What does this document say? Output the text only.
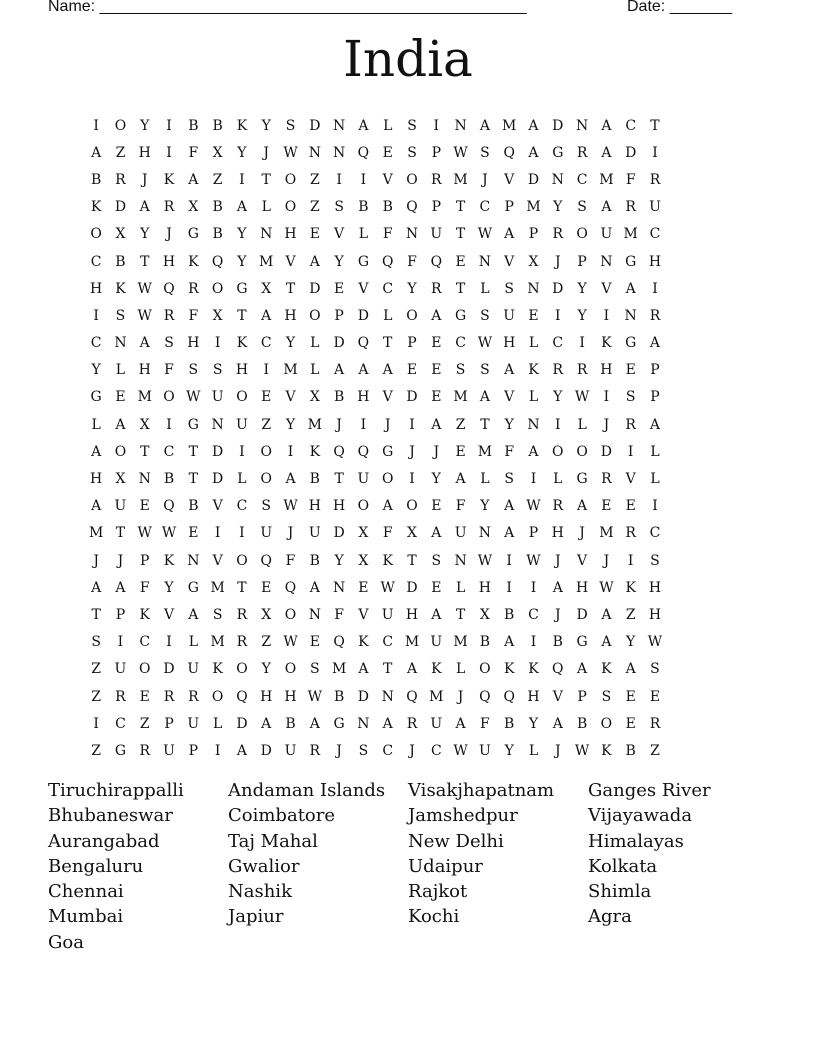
Name: ________________________________________________	Date: _______
India
I	O Y	I	B	B K	Y	S D N A	L	S	I	N A M A D N A C	T
A	Z H	I	F	X	Y	J	W N N Q E	S	P W S Q A G R A D	I
B R	J	K	A	Z	I	T O Z	I	I	V O R M	J	V D N C M F	R
K D A R	X	B	A	L O Z	S	B	B Q P	T	C	P M Y	S	A R U
O X	Y	J	G B	Y N H E	V	L	F N U T W A	P	R O U M C
C B	T H K Q Y M V	A	Y	G Q F Q E N V	X	J	P N G H
H K W Q R O G X	T	D E	V C	Y	R	T	L	S N D	Y	V	A	I
I	S W R	F	X	T	A H O P D	L O A G S U E	I	Y	I	N R
C N A	S H	I	K C	Y	L	D Q T	P	E C W H L	C	I	K G A
Y	L H F	S	S H	I	M L	A	A	A	E	E	S	S	A	K R R H E	P
G E M O W U O E	V	X	B H V D E M A	V	L	Y W	I	S	P
L	A	X	I	G N U Z	Y M	J	I	J	I	A	Z	T	Y N	I	L	J	R A
A O T	C	T	D	I	O	I	K Q Q G	J	J	E M F	A O O D	I	L
H X N B	T	D	L O A	B	T U O	I	Y	A	L	S	I	L	G R V	L
A U E Q B	V C	S W H H O A O E	F	Y	A W R A	E	E	I
M T W W E	I	I	U	J	U D X	F	X	A U N A	P H	J	M R C
J	J	P	K N V O Q F	B	Y	X	K	T	S N W	I	W	J	V	J	I	S
A	A	F	Y	G M T	E Q A N E W D E	L H	I	I	A H W K H
T	P	K	V	A	S	R	X O N F	V U H A	T	X	B C	J	D A	Z H
S	I	C	I	L M R	Z W E Q K C M U M B	A	I	B G A	Y W
Z U O D U K O Y O S M A	T	A	K	L O K K Q A	K	A	S
Z	R E R R O Q H H W B D N Q M	J	Q Q H V	P	S	E	E
I	C	Z	P U L	D A	B	A G N A R U A	F	B	Y	A	B O E R
Z G R U P	I	A D U R	J	S	C	J	C W U Y	L	J	W K B	Z
Tiruchirappalli	Andaman Islands	Visakjhapatnam	Ganges River
Bhubaneswar	Coimbatore	Jamshedpur	Vijayawada
Aurangabad	Taj Mahal	New Delhi	Himalayas
Bengaluru	Gwalior	Udaipur	Kolkata
Chennai	Nashik	Rajkot	Shimla
Mumbai	Japiur	Kochi	Agra
Goa
